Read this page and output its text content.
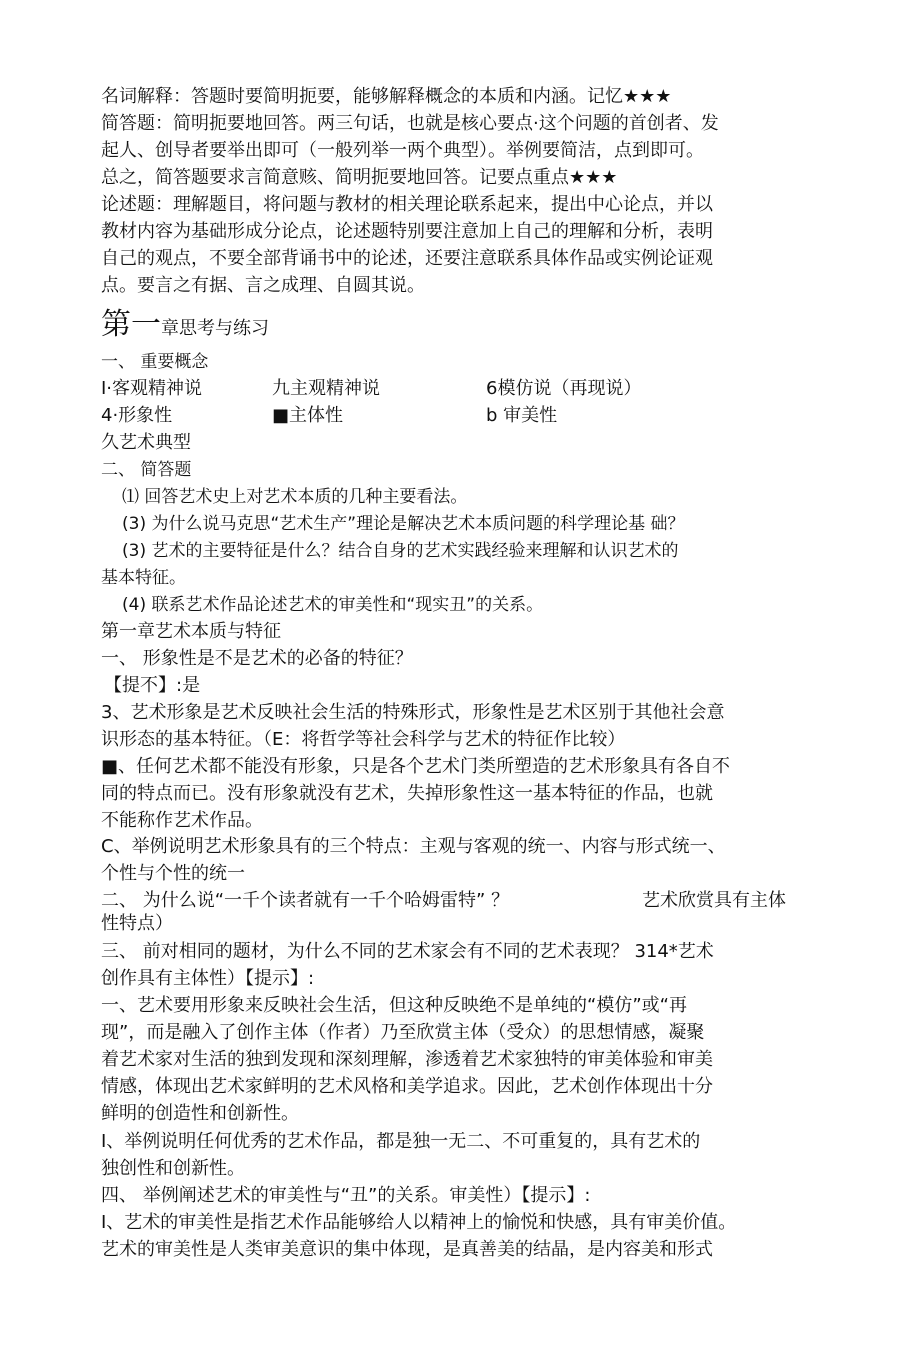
名词解释：答题时要简明扼要，能够解释概念的本质和内涵。记忆★★★
简答题：简明扼要地回答。两三句话，也就是核心要点·这个问题的首创者、发
起人、创导者要举出即可（一般列举一两个典型）。举例要简洁，点到即可。
总之，简答题要求言简意赅、简明扼要地回答。记要点重点★★★
论述题：理解题目，将问题与教材的相关理论联系起来，提出中心论点，并以
教材内容为基础形成分论点，论述题特别要注意加上自己的理解和分析，表明
自己的观点，不要全部背诵书中的论述，还要注意联系具体作品或实例论证观
点。要言之有据、言之成理、自圆其说。
第一章思考与练习
一、 重要概念
I·客观精神说	九主观精神说	6模仿说（再现说）
4·形象性	■主体性	b 审美性
久艺术典型
二、 简答题
⑴ 回答艺术史上对艺术本质的几种主要看法。
(3) 为什么说马克思“艺术生产”理论是解决艺术本质问题的科学理论基 础？
(3) 艺术的主要特征是什么？结合自身的艺术实践经验来理解和认识艺术的
基本特征。
(4) 联系艺术作品论述艺术的审美性和“现实丑”的关系。
第一章艺术本质与特征
一、 形象性是不是艺术的必备的特征？
【提不】:是
3、艺术形象是艺术反映社会生活的特殊形式，形象性是艺术区别于其他社会意
识形态的基本特征。（E：将哲学等社会科学与艺术的特征作比较）
■、任何艺术都不能没有形象，只是各个艺术门类所塑造的艺术形象具有各自不
同的特点而已。没有形象就没有艺术，失掉形象性这一基本特征的作品，也就
不能称作艺术作品。
C、举例说明艺术形象具有的三个特点：主观与客观的统一、内容与形式统一、
个性与个性的统一
二、 为什么说“一千个读者就有一千个哈姆雷特” ？	艺术欣赏具有主体
性特点）
三、 前对相同的题材，为什么不同的艺术家会有不同的艺术表现？ 314*艺术
创作具有主体性）【提示】:
一、艺术要用形象来反映社会生活，但这种反映绝不是单纯的“模仿”或“再
现”，而是融入了创作主体（作者）乃至欣赏主体（受众）的思想情感，凝聚
着艺术家对生活的独到发现和深刻理解，渗透着艺术家独特的审美体验和审美
情感，体现出艺术家鲜明的艺术风格和美学追求。因此，艺术创作体现出十分
鲜明的创造性和创新性。
I、举例说明任何优秀的艺术作品，都是独一无二、不可重复的，具有艺术的
独创性和创新性。
四、 举例阐述艺术的审美性与“丑”的关系。审美性）【提示】:
I、艺术的审美性是指艺术作品能够给人以精神上的愉悦和快感，具有审美价值。
艺术的审美性是人类审美意识的集中体现，是真善美的结晶，是内容美和形式
